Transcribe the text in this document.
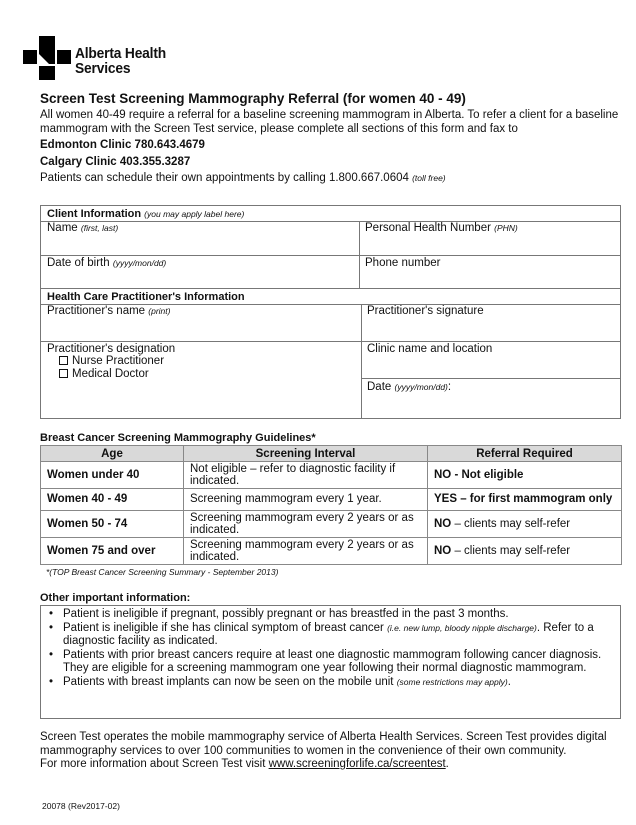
Alberta Health
Services
Screen Test Screening Mammography Referral (for women 40 - 49)
All women 40-49 require a referral for a baseline screening mammogram in Alberta. To refer a client for a baseline mammogram with the Screen Test service, please complete all sections of this form and fax to
Edmonton Clinic 780.643.4679
Calgary Clinic 403.355.3287
Patients can schedule their own appointments by calling 1.800.667.0604 (toll free)
Client Information (you may apply label here)
Name (first, last)	Personal Health Number (PHN)
Date of birth (yyyy/mon/dd)	Phone number
Health Care Practitioner's Information
Practitioner's name (print)	Practitioner's signature
Practitioner's designation
Nurse Practitioner
Medical Doctor
Clinic name and location
Date (yyyy/mon/dd):
Breast Cancer Screening Mammography Guidelines*
Age	Screening Interval	Referral Required
Women under 40	Not eligible – refer to diagnostic facility if indicated.	NO - Not eligible
Women 40 - 49	Screening mammogram every 1 year.	YES – for first mammogram only
Women 50 - 74	Screening mammogram every 2 years or as indicated.	NO – clients may self-refer
Women 75 and over	Screening mammogram every 2 years or as indicated.	NO – clients may self-refer
*(TOP Breast Cancer Screening Summary - September 2013)
Other important information:
• Patient is ineligible if pregnant, possibly pregnant or has breastfed in the past 3 months.
• Patient is ineligible if she has clinical symptom of breast cancer (i.e. new lump, bloody nipple discharge). Refer to a diagnostic facility as indicated.
• Patients with prior breast cancers require at least one diagnostic mammogram following cancer diagnosis. They are eligible for a screening mammogram one year following their normal diagnostic mammogram.
• Patients with breast implants can now be seen on the mobile unit (some restrictions may apply).
Screen Test operates the mobile mammography service of Alberta Health Services. Screen Test provides digital mammography services to over 100 communities to women in the convenience of their own community.
For more information about Screen Test visit www.screeningforlife.ca/screentest.
20078 (Rev2017-02)
